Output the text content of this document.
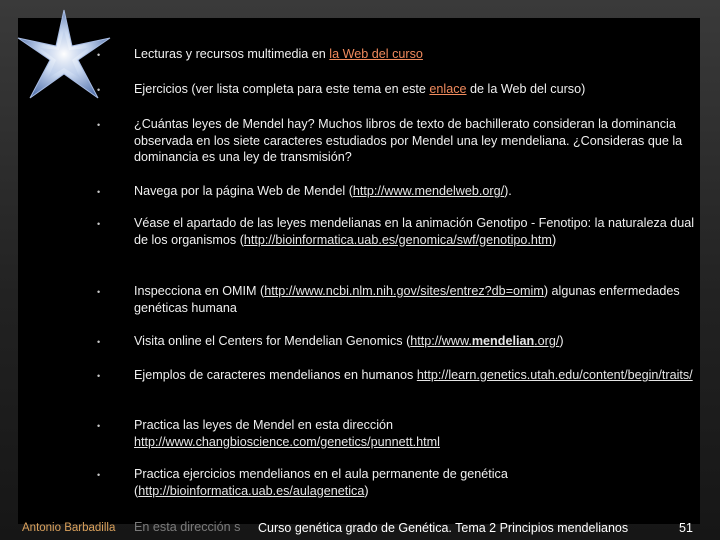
•	Lecturas y recursos multimedia en la Web del curso
•	Ejercicios (ver lista completa para este tema en este enlace de la Web del curso)
•	¿Cuántas leyes de Mendel hay? Muchos libros de texto de bachillerato consideran la dominancia observada en los siete caracteres estudiados por Mendel una ley mendeliana. ¿Consideras que la dominancia es una ley de transmisión?
•	Navega por la página Web de Mendel (http://www.mendelweb.org/).
•	Véase el apartado de las leyes mendelianas en la animación Genotipo - Fenotipo: la naturaleza dual de los organismos (http://bioinformatica.uab.es/genomica/swf/genotipo.htm)
•	Inspecciona en OMIM (http://www.ncbi.nlm.nih.gov/sites/entrez?db=omim) algunas enfermedades genéticas humana
•	Visita online el Centers for Mendelian Genomics (http://www.mendelian.org/)
•	Ejemplos de caracteres mendelianos en humanos http://learn.genetics.utah.edu/content/begin/traits/
•	Practica las leyes de Mendel en esta dirección http://www.changbioscience.com/genetics/punnett.html
•	Practica ejercicios mendelianos en el aula permanente de genética (http://bioinformatica.uab.es/aulagenetica)
En esta dirección s
Antonio Barbadilla	Curso genética grado de Genética. Tema 2 Principios mendelianos	51
